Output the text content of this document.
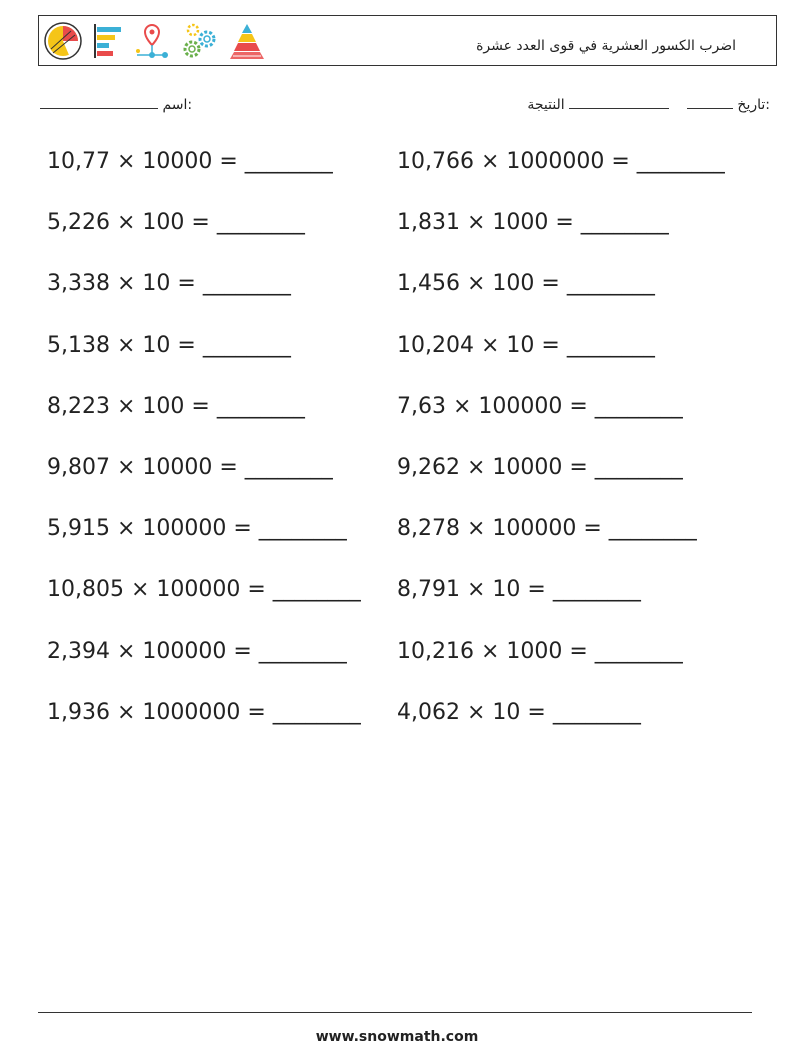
اضرب الكسور العشرية في قوى العدد عشرة
:اسم	:تاريخ      النتيجة
10,77 × 10000 = ________	10,766 × 1000000 = ________
5,226 × 100 = ________	1,831 × 1000 = ________
3,338 × 10 = ________	1,456 × 100 = ________
5,138 × 10 = ________	10,204 × 10 = ________
8,223 × 100 = ________	7,63 × 100000 = ________
9,807 × 10000 = ________	9,262 × 10000 = ________
5,915 × 100000 = ________	8,278 × 100000 = ________
10,805 × 100000 = ________	8,791 × 10 = ________
2,394 × 100000 = ________	10,216 × 1000 = ________
1,936 × 1000000 = ________	4,062 × 10 = ________
www.snowmath.com
